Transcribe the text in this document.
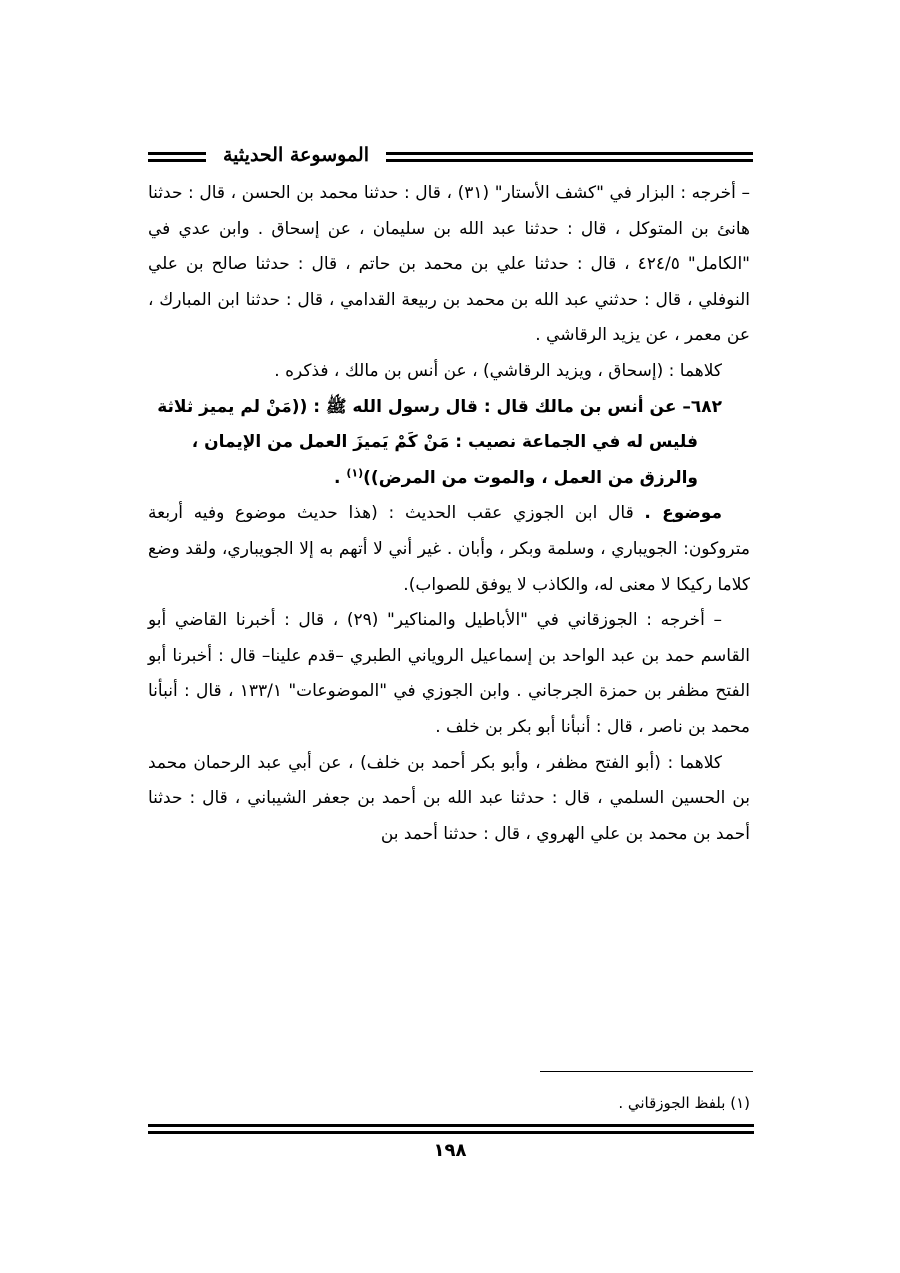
الموسوعة الحديثية

– أخرجه : البزار في "كشف الأستار" (٣١) ، قال : حدثنا محمد بن الحسن ، قال : حدثنا هانئ بن المتوكل ، قال : حدثنا عبد الله بن سليمان ، عن إسحاق . وابن عدي في "الكامل" ٤٢٤/٥ ، قال : حدثنا علي بن محمد بن حاتم ، قال : حدثنا صالح بن علي النوفلي ، قال : حدثني عبد الله بن محمد بن ربيعة القدامي ، قال : حدثنا ابن المبارك ، عن معمر ، عن يزيد الرقاشي .

كلاهما : (إسحاق ، ويزيد الرقاشي) ، عن أنس بن مالك ، فذكره .

٦٨٢– عن أنس بن مالك قال : قال رسول الله ﷺ : ((مَنْ لم يميز ثلاثة
فليس له في الجماعة نصيب : مَنْ كَمْ يَميزَ العمل من الإيمان ،
والرزق من العمل ، والموت من المرض))$^{(١)}$ .

موضوع . قال ابن الجوزي عقب الحديث : (هذا حديث موضوع وفيه أربعة متروكون: الجويباري ، وسلمة وبكر ، وأبان . غير أني لا أتهم به إلا الجويباري، ولقد وضع كلاما ركيكا لا معنى له، والكاذب لا يوفق للصواب).

– أخرجه : الجوزقاني في "الأباطيل والمناكير" (٢٩) ، قال : أخبرنا القاضي أبو القاسم حمد بن عبد الواحد بن إسماعيل الروياني الطبري –قدم علينا– قال : أخبرنا أبو الفتح مظفر بن حمزة الجرجاني . وابن الجوزي في "الموضوعات" ١٣٣/١ ، قال : أنبأنا محمد بن ناصر ، قال : أنبأنا أبو بكر بن خلف .

كلاهما : (أبو الفتح مظفر ، وأبو بكر أحمد بن خلف) ، عن أبي عبد الرحمان محمد بن الحسين السلمي ، قال : حدثنا عبد الله بن أحمد بن جعفر الشيباني ، قال : حدثنا أحمد بن محمد بن علي الهروي ، قال : حدثنا أحمد بن

(١) بلفظ الجوزقاني .
١٩٨
